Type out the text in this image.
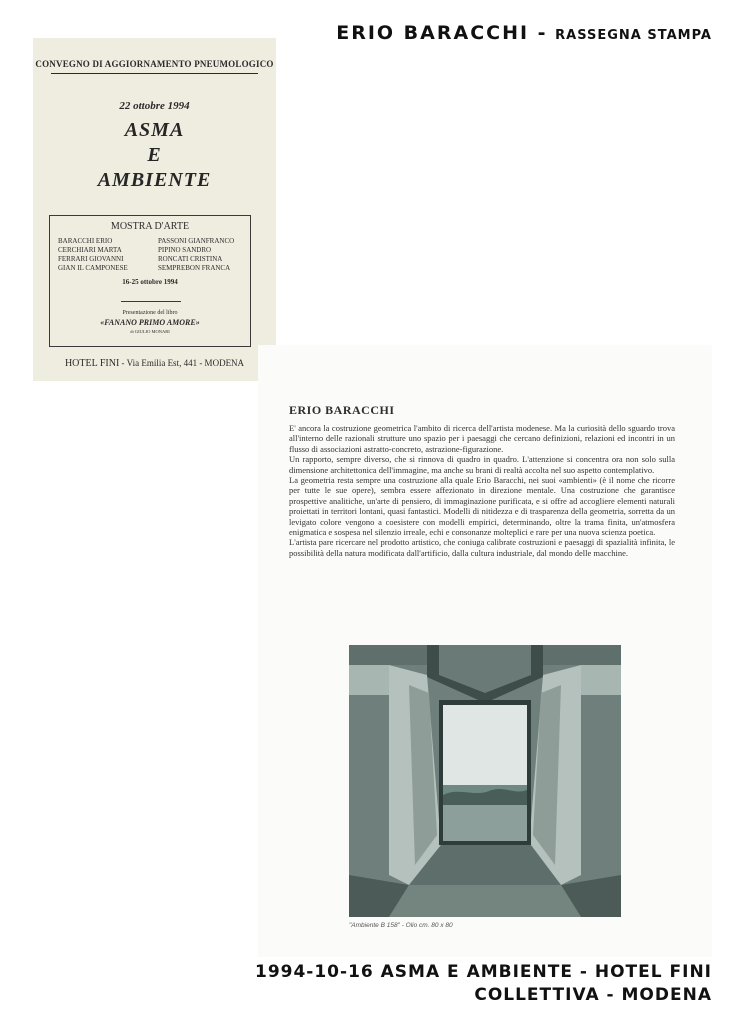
ERIO BARACCHI - RASSEGNA STAMPA
CONVEGNO DI AGGIORNAMENTO PNEUMOLOGICO
22 ottobre 1994
ASMA
E
AMBIENTE
MOSTRA D'ARTE
BARACCHI ERIO
CERCHIARI MARTA
FERRARI GIOVANNI
GIAN IL CAMPONESE
PASSONI GIANFRANCO
PIPINO SANDRO
RONCATI CRISTINA
SEMPREBON FRANCA
16-25 ottobre 1994
Presentazione del libro
«FANANO PRIMO AMORE»
di GIULIO MONARI
HOTEL FINI - Via Emilia Est, 441 - MODENA
ERIO BARACCHI

E' ancora la costruzione geometrica l'ambito di ricerca dell'artista modenese. Ma la curiosità dello sguardo trova all'interno delle razionali strutture uno spazio per i paesaggi che cercano definizioni, relazioni ed incontri in un flusso di associazioni astratto-concreto, astrazione-figurazione.

Un rapporto, sempre diverso, che si rinnova di quadro in quadro. L'attenzione si concentra ora non solo sulla dimensione architettonica dell'immagine, ma anche su brani di realtà accolta nel suo aspetto contemplativo.

La geometria resta sempre una costruzione alla quale Erio Baracchi, nei suoi «ambienti» (è il nome che ricorre per tutte le sue opere), sembra essere affezionato in direzione mentale. Una costruzione che garantisce prospettive analitiche, un'arte di pensiero, di immaginazione purificata, e si offre ad accogliere elementi naturali proiettati in territori lontani, quasi fantastici. Modelli di nitidezza e di trasparenza della geometria, sorretta da un levigato colore vengono a coesistere con modelli empirici, determinando, oltre la trama finita, un'atmosfera enigmatica e sospesa nel silenzio irreale, echi e consonanze molteplici e rare per una nuova scienza poetica.

L'artista pare ricercare nel prodotto artistico, che coniuga calibrate costruzioni e paesaggi di spazialità infinita, le possibilità della natura modificata dall'artificio, dalla cultura industriale, dal mondo delle macchine.

"Ambiente B 158" - Olio cm. 80 x 80
1994-10-16 ASMA E AMBIENTE - HOTEL FINI
COLLETTIVA - MODENA
